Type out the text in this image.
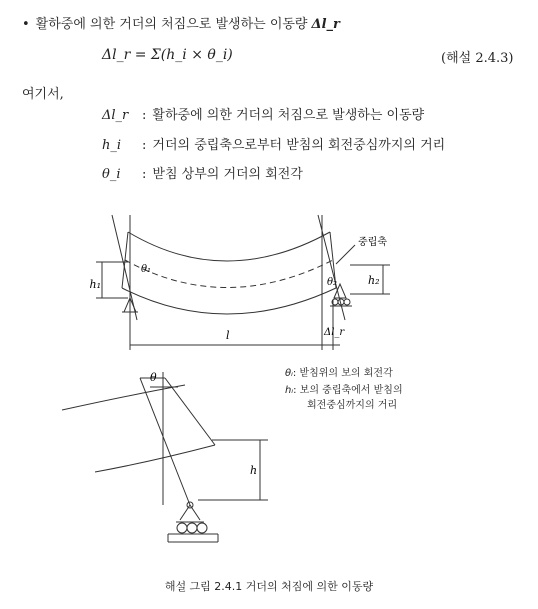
• 활하중에 의한 거더의 처짐으로 발생하는 이동량 Δl_r
Δl_r = Σ(h_i × θ_i)	(해설 2.4.3)
여기서,
Δl_r : 활하중에 의한 거더의 처짐으로 발생하는 이동량
h_i : 거더의 중립축으로부터 받침의 회전중심까지의 거리
θ_i : 받침 상부의 거더의 회전각
h₁
θ₁
θ₂	h₂
중립축
l	Δl_r
θ
h
θᵢ: 받침위의 보의 회전각
hᵢ: 보의 중립축에서 받침의
회전중심까지의 거리
해설 그림 2.4.1 거더의 처짐에 의한 이동량
